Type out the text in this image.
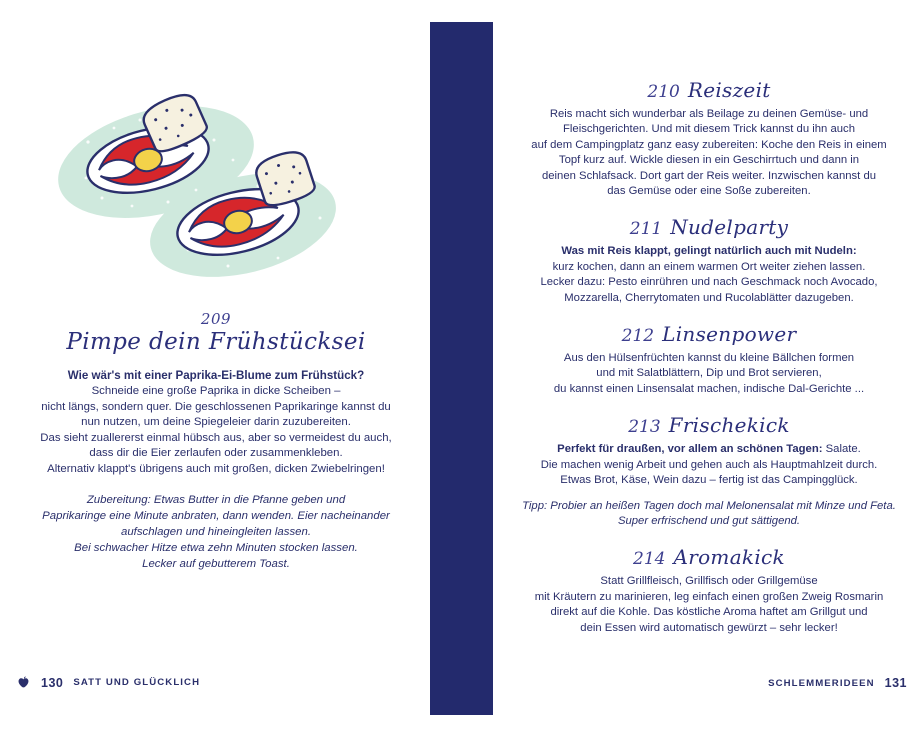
209
Pimpe dein Frühstücksei
Wie wär's mit einer Paprika-Ei-Blume zum Frühstück?
Schneide eine große Paprika in dicke Scheiben –
nicht längs, sondern quer. Die geschlossenen Paprikaringe kannst du
nun nutzen, um deine Spiegeleier darin zuzubereiten.
Das sieht zuallererst einmal hübsch aus, aber so vermeidest du auch,
dass dir die Eier zerlaufen oder zusammenkleben.
Alternativ klappt's übrigens auch mit großen, dicken Zwiebelringen!
Zubereitung: Etwas Butter in die Pfanne geben und
Paprikaringe eine Minute anbraten, dann wenden. Eier nacheinander
aufschlagen und hineingleiten lassen.
Bei schwacher Hitze etwa zehn Minuten stocken lassen.
Lecker auf gebutterem Toast.
130 SATT UND GLÜCKLICH
210 Reiszeit
Reis macht sich wunderbar als Beilage zu deinen Gemüse- und
Fleischgerichten. Und mit diesem Trick kannst du ihn auch
auf dem Campingplatz ganz easy zubereiten: Koche den Reis in einem
Topf kurz auf. Wickle diesen in ein Geschirrtuch und dann in
deinen Schlafsack. Dort gart der Reis weiter. Inzwischen kannst du
das Gemüse oder eine Soße zubereiten.
211 Nudelparty
Was mit Reis klappt, gelingt natürlich auch mit Nudeln:
kurz kochen, dann an einem warmen Ort weiter ziehen lassen.
Lecker dazu: Pesto einrühren und nach Geschmack noch Avocado,
Mozzarella, Cherrytomaten und Rucolablätter dazugeben.
212 Linsenpower
Aus den Hülsenfrüchten kannst du kleine Bällchen formen
und mit Salatblättern, Dip und Brot servieren,
du kannst einen Linsensalat machen, indische Dal-Gerichte ...
213 Frischekick
Perfekt für draußen, vor allem an schönen Tagen: Salate.
Die machen wenig Arbeit und gehen auch als Hauptmahlzeit durch.
Etwas Brot, Käse, Wein dazu – fertig ist das Campingglück.
Tipp: Probier an heißen Tagen doch mal Melonensalat mit Minze und Feta.
Super erfrischend und gut sättigend.
214 Aromakick
Statt Grillfleisch, Grillfisch oder Grillgemüse
mit Kräutern zu marinieren, leg einfach einen großen Zweig Rosmarin
direkt auf die Kohle. Das köstliche Aroma haftet am Grillgut und
dein Essen wird automatisch gewürzt – sehr lecker!
SCHLEMMERIDEEN 131
